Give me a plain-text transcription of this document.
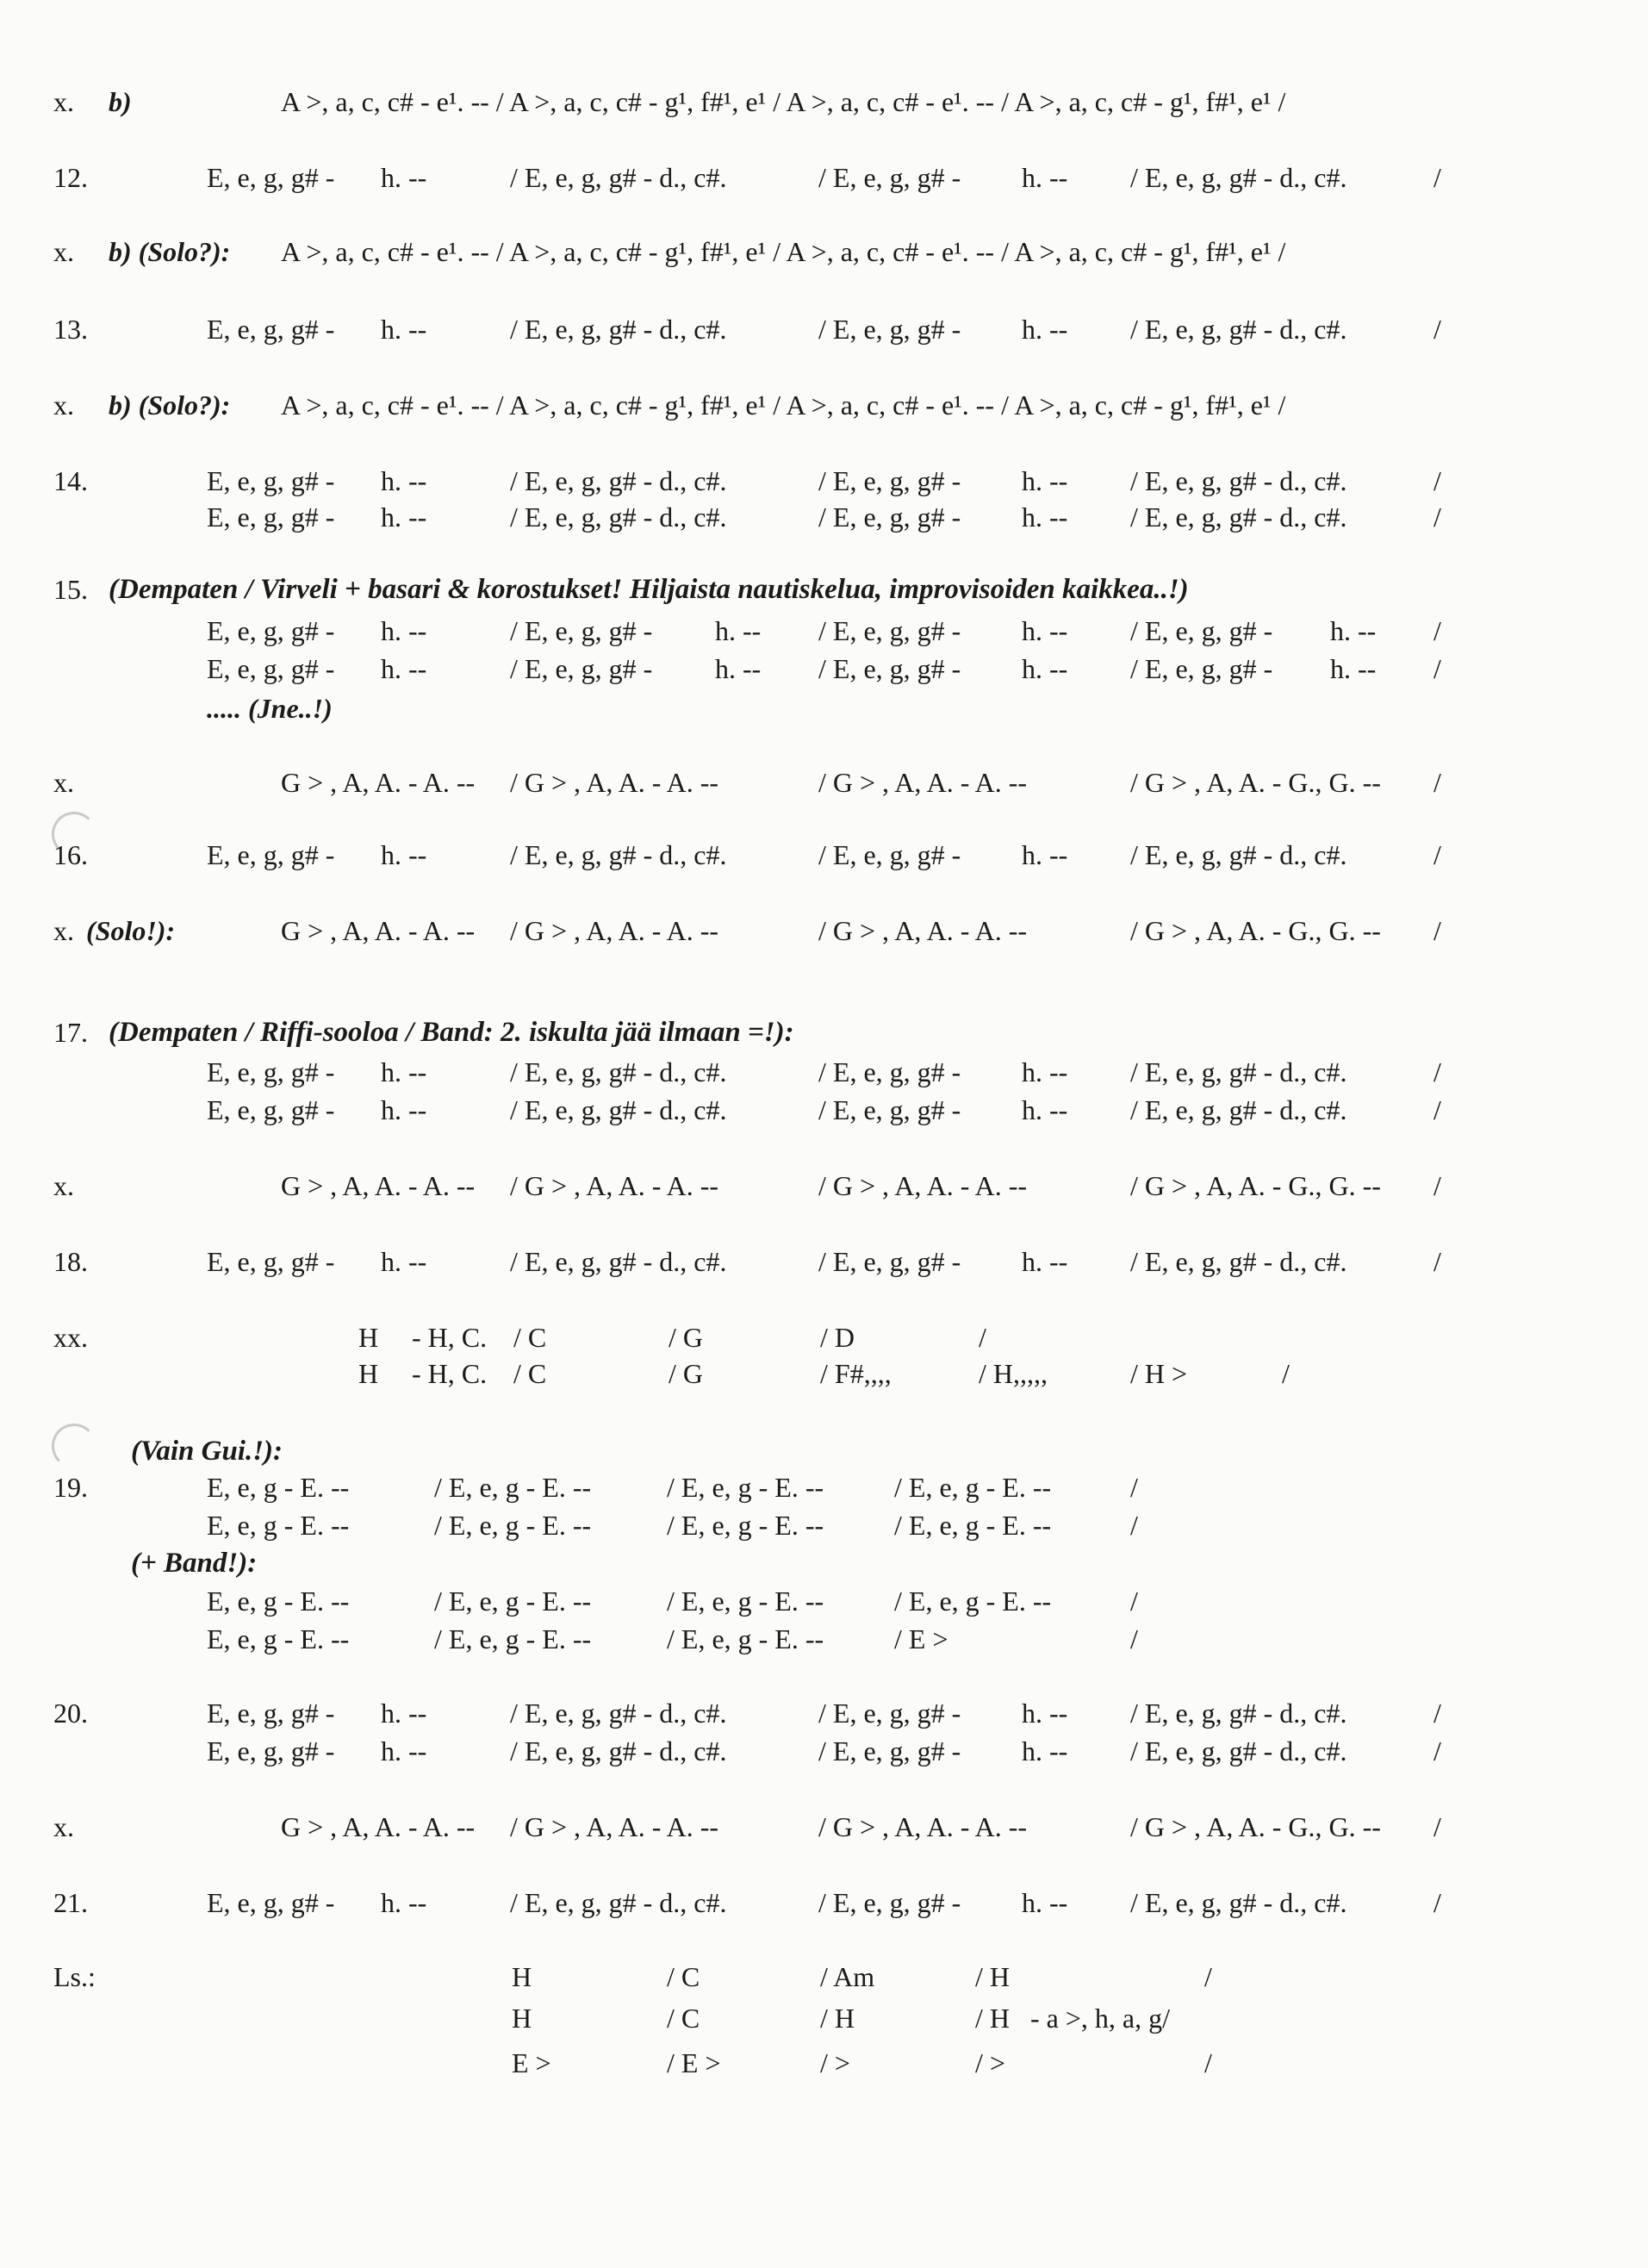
x. b)	A >, a, c, c# - e¹. -- / A >, a, c, c# - g¹, f#¹, e¹ / A >, a, c, c# - e¹. -- / A >, a, c, c# - g¹, f#¹, e¹ /
12.	E, e, g, g# - h. --	/ E, e, g, g# - d., c#.	/ E, e, g, g# - h. -- / E, e, g, g# - d., c#.	/
x. b) (Solo?): A >, a, c, c# - e¹. -- / A >, a, c, c# - g¹, f#¹, e¹ / A >, a, c, c# - e¹. -- / A >, a, c, c# - g¹, f#¹, e¹ /
13.	E, e, g, g# - h. --	/ E, e, g, g# - d., c#.	/ E, e, g, g# - h. -- / E, e, g, g# - d., c#.	/
x. b) (Solo?): A >, a, c, c# - e¹. -- / A >, a, c, c# - g¹, f#¹, e¹ / A >, a, c, c# - e¹. -- / A >, a, c, c# - g¹, f#¹, e¹ /
14.	E, e, g, g# - h. --	/ E, e, g, g# - d., c#.	/ E, e, g, g# - h. -- / E, e, g, g# - d., c#.	/
E, e, g, g# - h. --	/ E, e, g, g# - d., c#.	/ E, e, g, g# - h. -- / E, e, g, g# - d., c#.	/
15. (Dempaten / Virveli + basari & korostukset! Hiljaista nautiskelua, improvisoiden kaikkea..!)
E, e, g, g# - h. --	/ E, e, g, g# - h. -- / E, e, g, g# - h. -- / E, e, g, g# - h. -- /
E, e, g, g# - h. --	/ E, e, g, g# - h. -- / E, e, g, g# - h. -- / E, e, g, g# - h. -- /
..... (Jne..!)
x.	G > , A, A. - A. -- / G > , A, A. - A. --	/ G > , A, A. - A. --	/ G > , A, A. - G., G. -- /
16.	E, e, g, g# - h. --	/ E, e, g, g# - d., c#.	/ E, e, g, g# - h. -- / E, e, g, g# - d., c#.	/
x. (Solo!):	G > , A, A. - A. -- / G > , A, A. - A. --	/ G > , A, A. - A. --	/ G > , A, A. - G., G. -- /
17. (Dempaten / Riffi-sooloa / Band: 2. iskulta jää ilmaan =!):
E, e, g, g# - h. --	/ E, e, g, g# - d., c#.	/ E, e, g, g# - h. -- / E, e, g, g# - d., c#.	/
E, e, g, g# - h. --	/ E, e, g, g# - d., c#.	/ E, e, g, g# - h. -- / E, e, g, g# - d., c#.	/
x.	G > , A, A. - A. -- / G > , A, A. - A. --	/ G > , A, A. - A. --	/ G > , A, A. - G., G. -- /
18.	E, e, g, g# - h. --	/ E, e, g, g# - d., c#.	/ E, e, g, g# - h. -- / E, e, g, g# - d., c#.	/
xx.	H - H, C. / C	/ G	/ D	/
H - H, C. / C	/ G	/ F#,,,,	/ H,,,,,	/ H >	/
(Vain Gui.!):
19.	E, e, g - E. --	/ E, e, g - E. --	/ E, e, g - E. --	/ E, e, g - E. --	/
E, e, g - E. --	/ E, e, g - E. --	/ E, e, g - E. --	/ E, e, g - E. --	/
(+ Band!):
E, e, g - E. --	/ E, e, g - E. --	/ E, e, g - E. --	/ E, e, g - E. --	/
E, e, g - E. --	/ E, e, g - E. --	/ E, e, g - E. --	/ E >	/
20.	E, e, g, g# - h. --	/ E, e, g, g# - d., c#.	/ E, e, g, g# - h. -- / E, e, g, g# - d., c#.	/
E, e, g, g# - h. --	/ E, e, g, g# - d., c#.	/ E, e, g, g# - h. -- / E, e, g, g# - d., c#.	/
x.	G > , A, A. - A. -- / G > , A, A. - A. --	/ G > , A, A. - A. --	/ G > , A, A. - G., G. -- /
21.	E, e, g, g# - h. --	/ E, e, g, g# - d., c#.	/ E, e, g, g# - h. -- / E, e, g, g# - d., c#.	/
Ls.:	H	/ C	/ Am	/ H	/
H	/ C	/ H	/ H   - a >, h, a, g/
E >	/ E >	/ >	/ >	/
